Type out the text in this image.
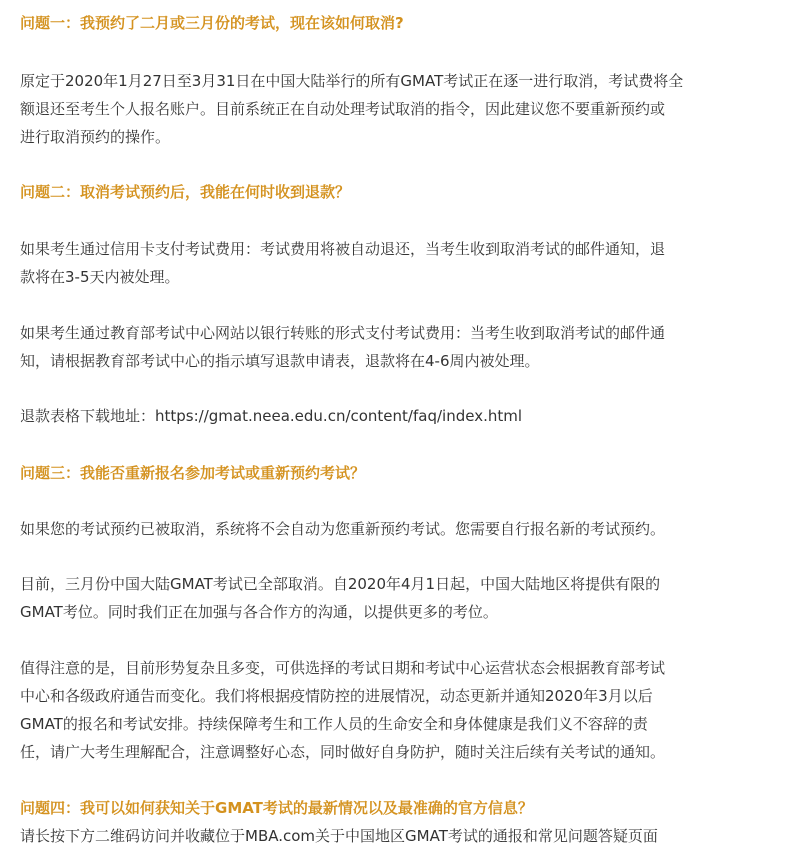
问题一：我预约了二月或三月份的考试，现在该如何取消?

原定于2020年1月27日至3月31日在中国大陆举行的所有GMAT考试正在逐一进行取消，考试费将全
额退还至考生个人报名账户。目前系统正在自动处理考试取消的指令，因此建议您不要重新预约或
进行取消预约的操作。

问题二：取消考试预约后，我能在何时收到退款？

如果考生通过信用卡支付考试费用：考试费用将被自动退还，当考生收到取消考试的邮件通知，退
款将在3-5天内被处理。

如果考生通过教育部考试中心网站以银行转账的形式支付考试费用：当考生收到取消考试的邮件通
知，请根据教育部考试中心的指示填写退款申请表，退款将在4-6周内被处理。

退款表格下载地址：https://gmat.neea.edu.cn/content/faq/index.html

问题三：我能否重新报名参加考试或重新预约考试？

如果您的考试预约已被取消，系统将不会自动为您重新预约考试。您需要自行报名新的考试预约。

目前，三月份中国大陆GMAT考试已全部取消。自2020年4月1日起，中国大陆地区将提供有限的
GMAT考位。同时我们正在加强与各合作方的沟通，以提供更多的考位。

值得注意的是，目前形势复杂且多变，可供选择的考试日期和考试中心运营状态会根据教育部考试
中心和各级政府通告而变化。我们将根据疫情防控的进展情况，动态更新并通知2020年3月以后
GMAT的报名和考试安排。持续保障考生和工作人员的生命安全和身体健康是我们义不容辞的责
任，请广大考生理解配合，注意调整好心态，同时做好自身防护，随时关注后续有关考试的通知。

问题四：我可以如何获知关于GMAT考试的最新情况以及最准确的官方信息？

请长按下方二维码访问并收藏位于MBA.com关于中国地区GMAT考试的通报和常见问题答疑页面
